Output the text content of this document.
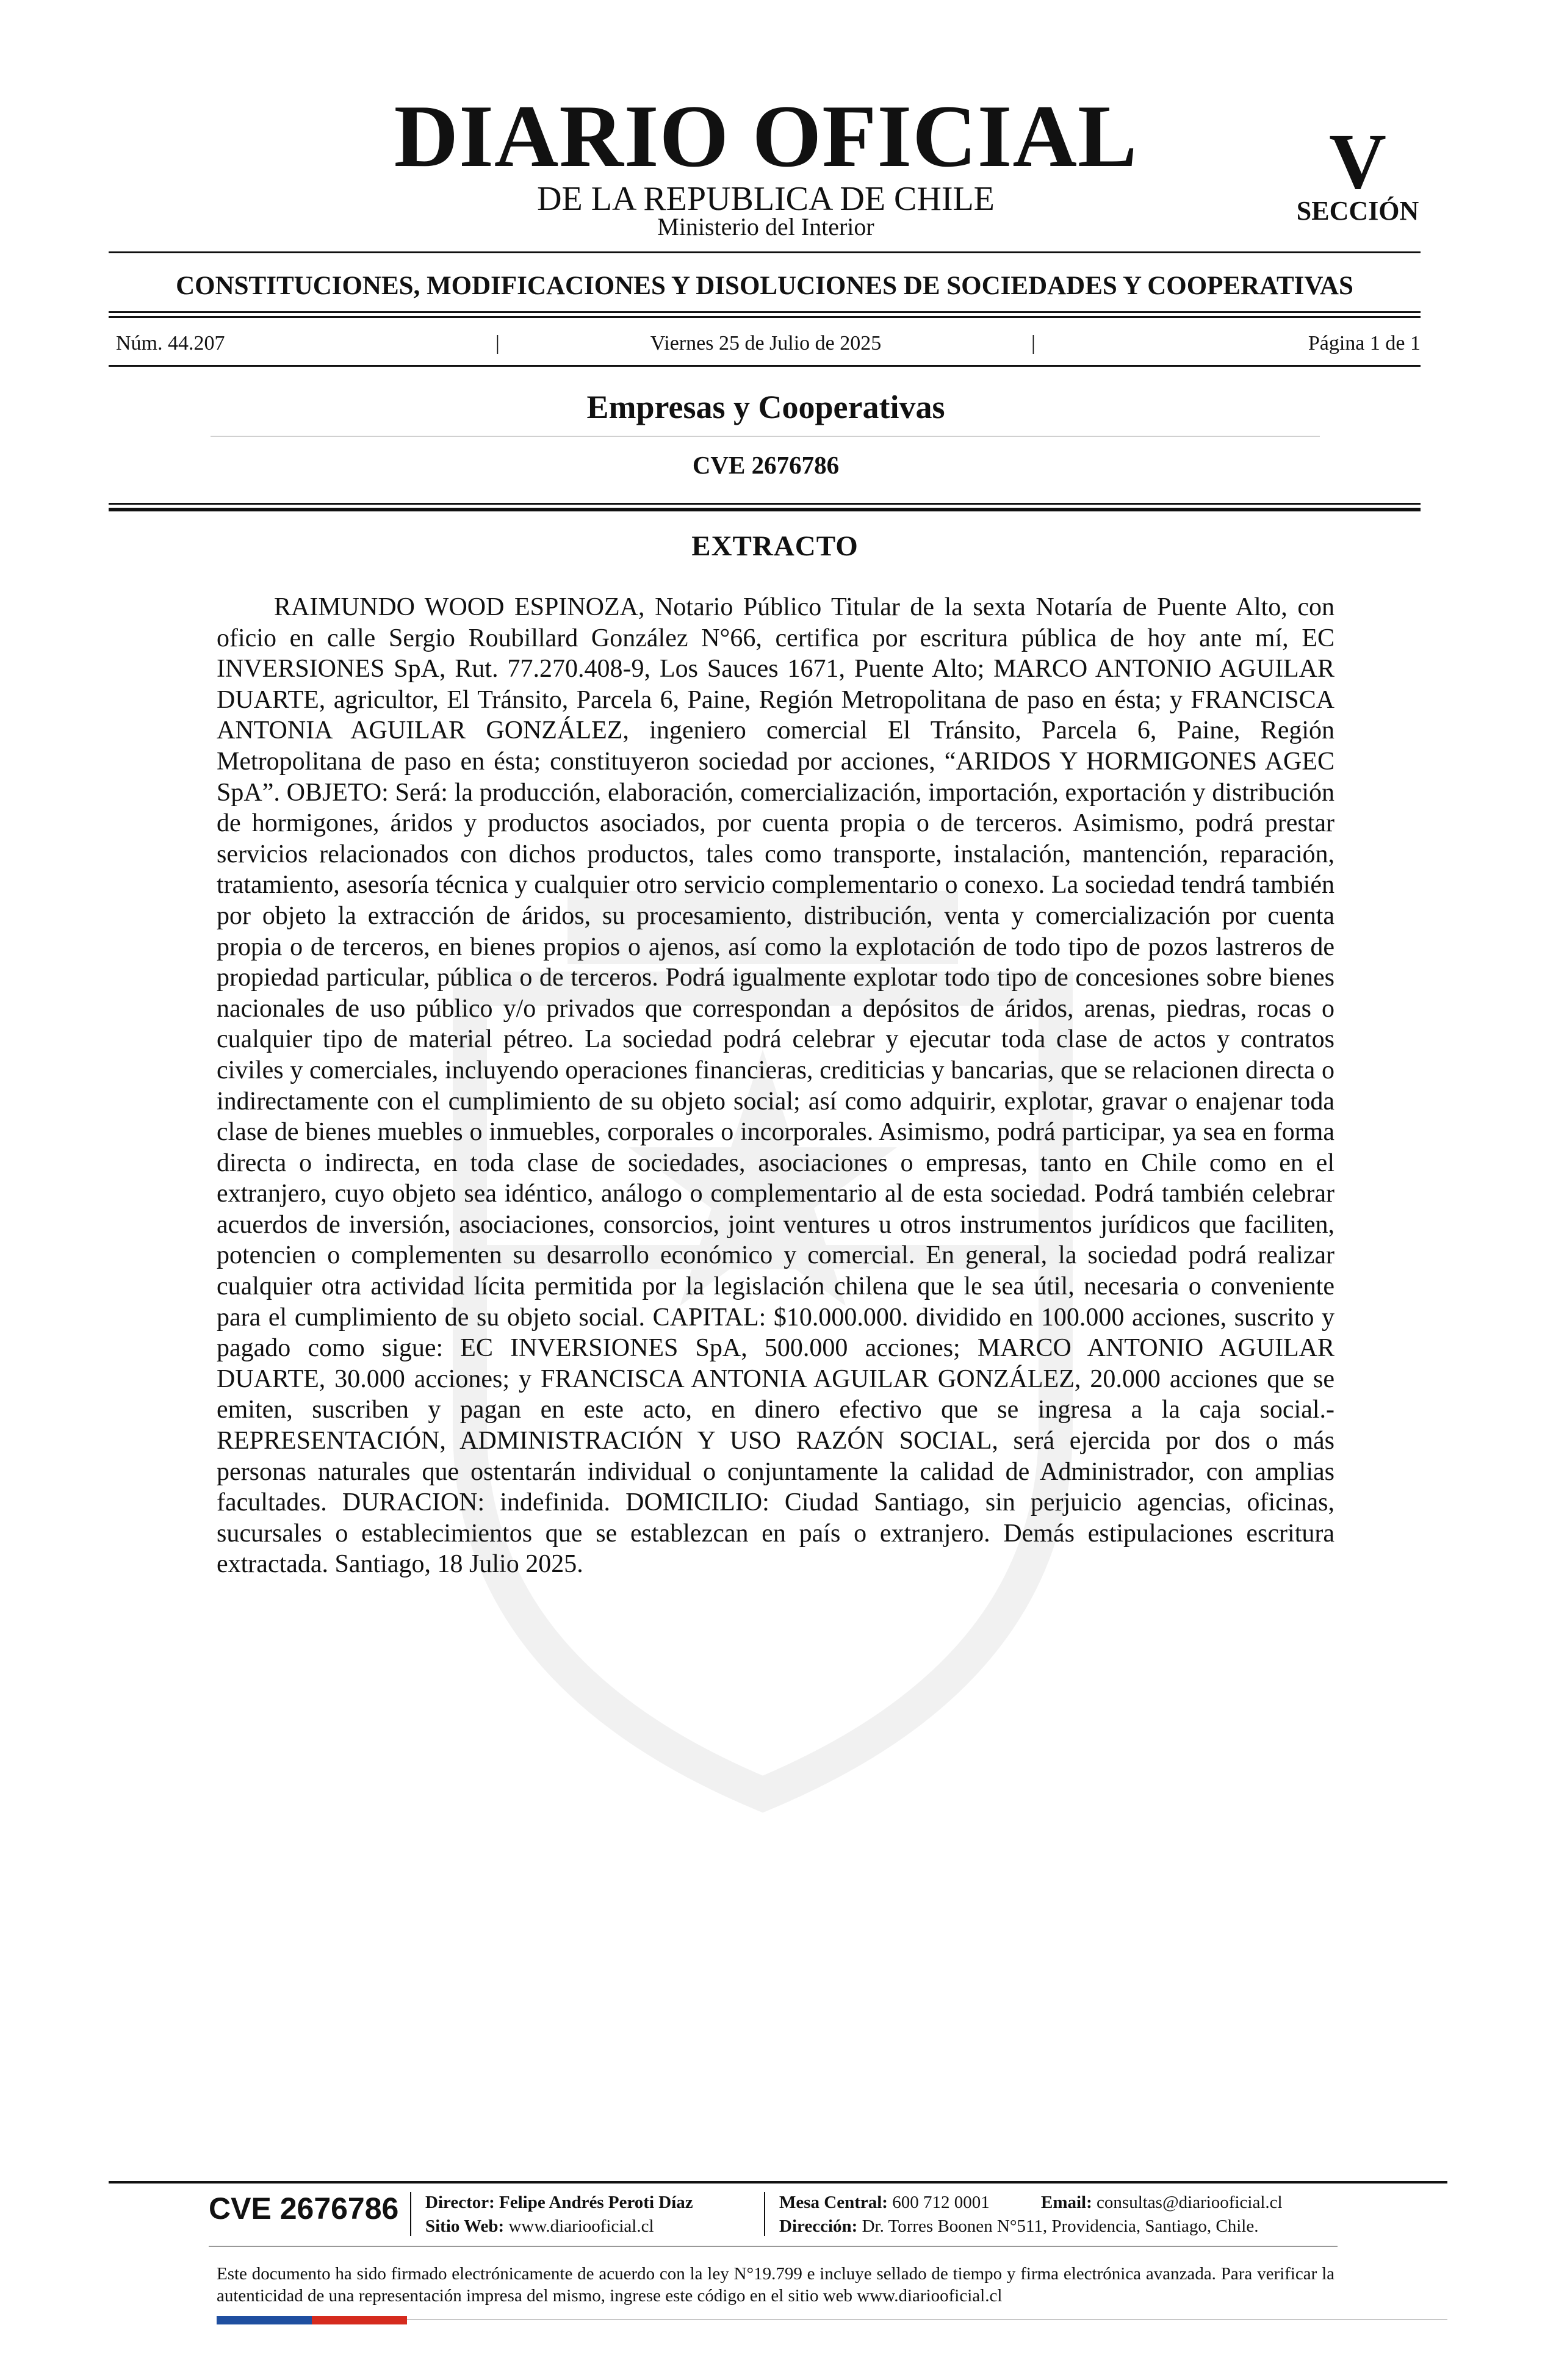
DIARIO OFICIAL
DE LA REPUBLICA DE CHILE
Ministerio del Interior
V
SECCIÓN
CONSTITUCIONES, MODIFICACIONES Y DISOLUCIONES DE SOCIEDADES Y COOPERATIVAS
Núm. 44.207	|	Viernes 25 de Julio de 2025	|	Página 1 de 1
Empresas y Cooperativas
CVE 2676786
EXTRACTO

RAIMUNDO WOOD ESPINOZA, Notario Público Titular de la sexta Notaría de Puente Alto, con oficio en calle Sergio Roubillard González N°66, certifica por escritura pública de hoy ante mí, EC INVERSIONES SpA, Rut. 77.270.408-9, Los Sauces 1671, Puente Alto; MARCO ANTONIO AGUILAR DUARTE, agricultor, El Tránsito, Parcela 6, Paine, Región Metropolitana de paso en ésta; y FRANCISCA ANTONIA AGUILAR GONZÁLEZ, ingeniero comercial El Tránsito, Parcela 6, Paine, Región Metropolitana de paso en ésta; constituyeron sociedad por acciones, “ARIDOS Y HORMIGONES AGEC SpA”. OBJETO: Será: la producción, elaboración, comercialización, importación, exportación y distribución de hormigones, áridos y productos asociados, por cuenta propia o de terceros. Asimismo, podrá prestar servicios relacionados con dichos productos, tales como transporte, instalación, mantención, reparación, tratamiento, asesoría técnica y cualquier otro servicio complementario o conexo. La sociedad tendrá también por objeto la extracción de áridos, su procesamiento, distribución, venta y comercialización por cuenta propia o de terceros, en bienes propios o ajenos, así como la explotación de todo tipo de pozos lastreros de propiedad particular, pública o de terceros. Podrá igualmente explotar todo tipo de concesiones sobre bienes nacionales de uso público y/o privados que correspondan a depósitos de áridos, arenas, piedras, rocas o cualquier tipo de material pétreo. La sociedad podrá celebrar y ejecutar toda clase de actos y contratos civiles y comerciales, incluyendo operaciones financieras, crediticias y bancarias, que se relacionen directa o indirectamente con el cumplimiento de su objeto social; así como adquirir, explotar, gravar o enajenar toda clase de bienes muebles o inmuebles, corporales o incorporales. Asimismo, podrá participar, ya sea en forma directa o indirecta, en toda clase de sociedades, asociaciones o empresas, tanto en Chile como en el extranjero, cuyo objeto sea idéntico, análogo o complementario al de esta sociedad. Podrá también celebrar acuerdos de inversión, asociaciones, consorcios, joint ventures u otros instrumentos jurídicos que faciliten, potencien o complementen su desarrollo económico y comercial. En general, la sociedad podrá realizar cualquier otra actividad lícita permitida por la legislación chilena que le sea útil, necesaria o conveniente para el cumplimiento de su objeto social. CAPITAL: $10.000.000. dividido en 100.000 acciones, suscrito y pagado como sigue: EC INVERSIONES SpA, 500.000 acciones; MARCO ANTONIO AGUILAR DUARTE, 30.000 acciones; y FRANCISCA ANTONIA AGUILAR GONZÁLEZ, 20.000 acciones que se emiten, suscriben y pagan en este acto, en dinero efectivo que se ingresa a la caja social.- REPRESENTACIÓN, ADMINISTRACIÓN Y USO RAZÓN SOCIAL, será ejercida por dos o más personas naturales que ostentarán individual o conjuntamente la calidad de Administrador, con amplias facultades. DURACION: indefinida. DOMICILIO: Ciudad Santiago, sin perjuicio agencias, oficinas, sucursales o establecimientos que se establezcan en país o extranjero. Demás estipulaciones escritura extractada. Santiago, 18 Julio 2025.

CVE 2676786 Director: Felipe Andrés Peroti Díaz
Sitio Web: www.diariooficial.cl
Mesa Central: 600 712 0001	Email: consultas@diariooficial.cl
Dirección: Dr. Torres Boonen N°511, Providencia, Santiago, Chile.

Este documento ha sido firmado electrónicamente de acuerdo con la ley N°19.799 e incluye sellado de tiempo y firma electrónica avanzada. Para verificar la autenticidad de una representación impresa del mismo, ingrese este código en el sitio web www.diariooficial.cl
